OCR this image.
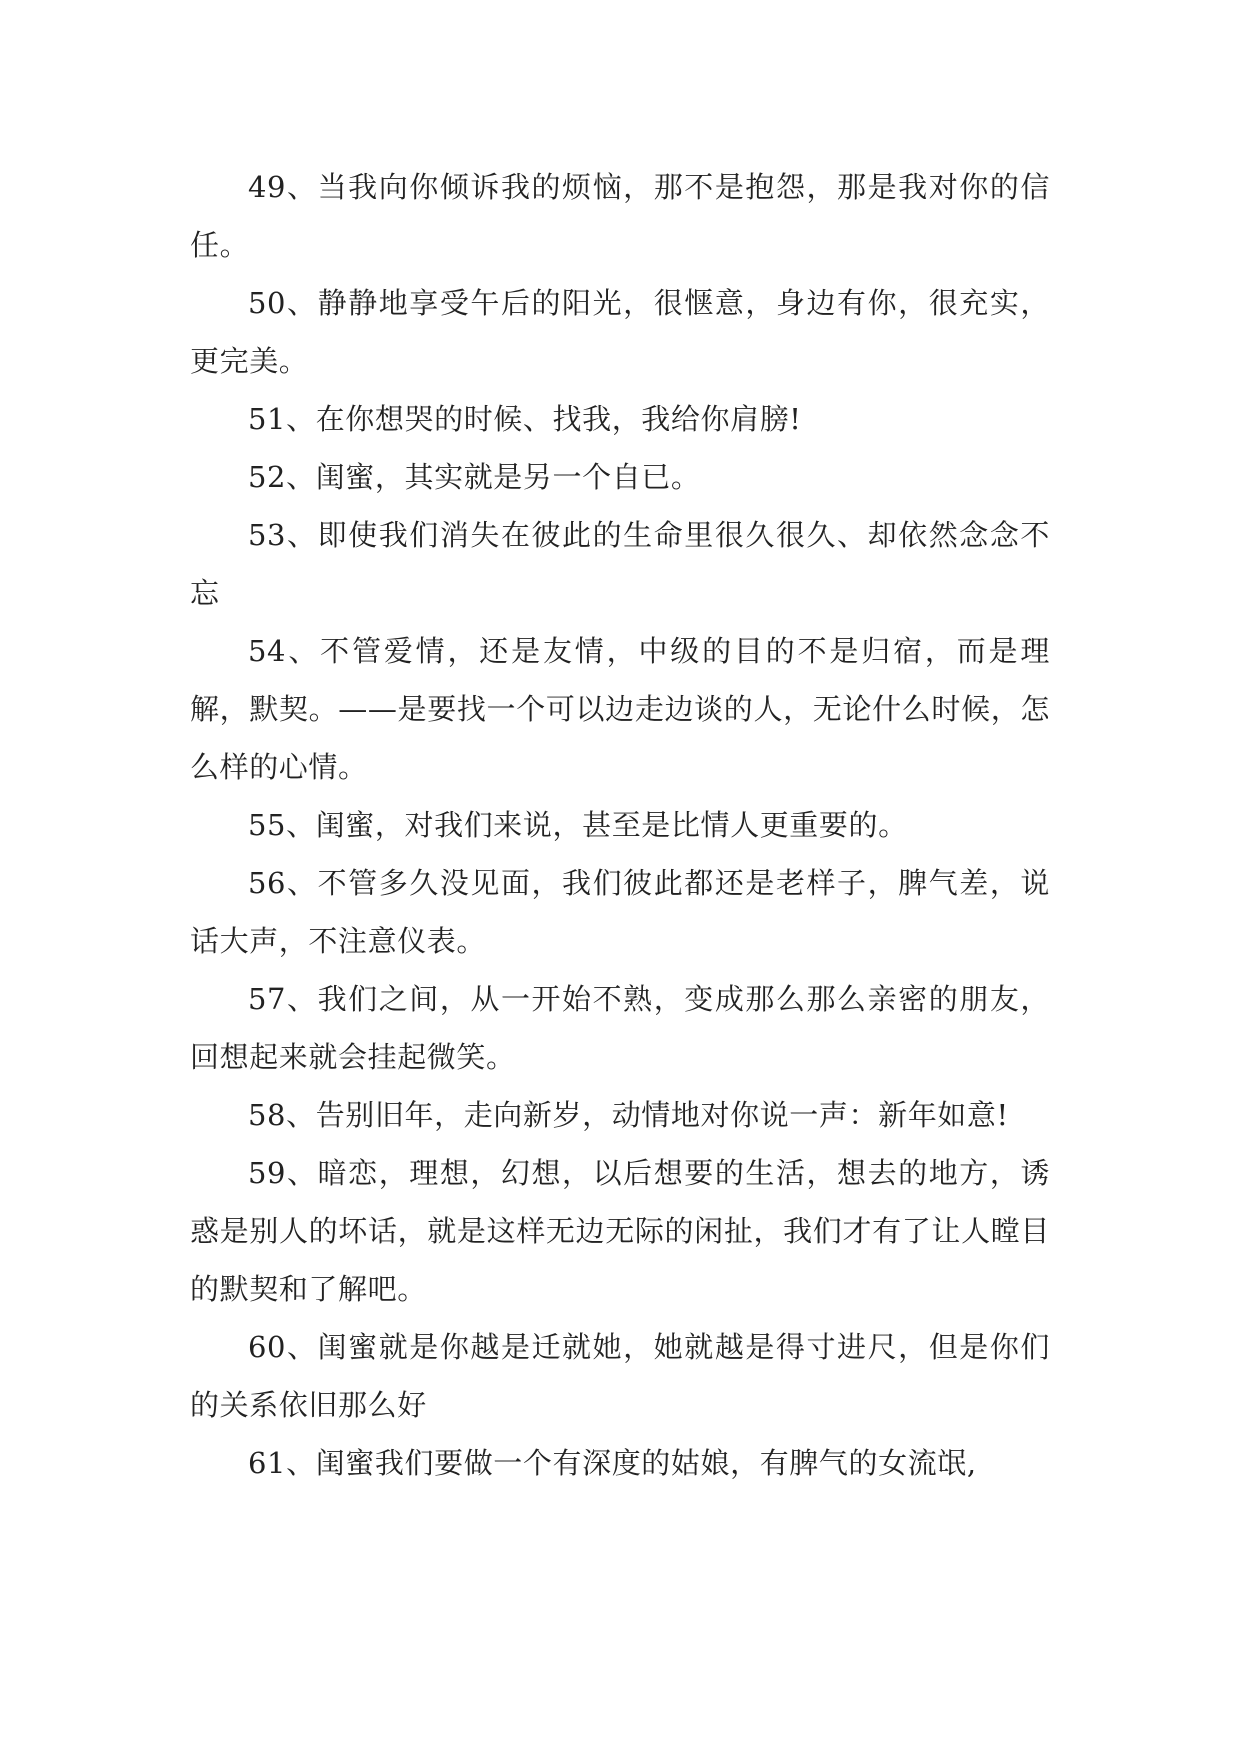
49、当我向你倾诉我的烦恼，那不是抱怨，那是我对你的信任。

50、静静地享受午后的阳光，很惬意，身边有你，很充实，更完美。

51、在你想哭的时候、找我，我给你肩膀!

52、闺蜜，其实就是另一个自已。

53、即使我们消失在彼此的生命里很久很久、却依然念念不忘

54、不管爱情，还是友情，中级的目的不是归宿，而是理解，默契。——是要找一个可以边走边谈的人，无论什么时候，怎么样的心情。

55、闺蜜，对我们来说，甚至是比情人更重要的。

56、不管多久没见面，我们彼此都还是老样子，脾气差，说话大声，不注意仪表。

57、我们之间，从一开始不熟，变成那么那么亲密的朋友，回想起来就会挂起微笑。

58、告别旧年，走向新岁，动情地对你说一声：新年如意!

59、暗恋，理想，幻想，以后想要的生活，想去的地方，诱惑是别人的坏话，就是这样无边无际的闲扯，我们才有了让人瞠目的默契和了解吧。

60、闺蜜就是你越是迁就她，她就越是得寸进尺，但是你们的关系依旧那么好

61、闺蜜我们要做一个有深度的姑娘，有脾气的女流氓,
